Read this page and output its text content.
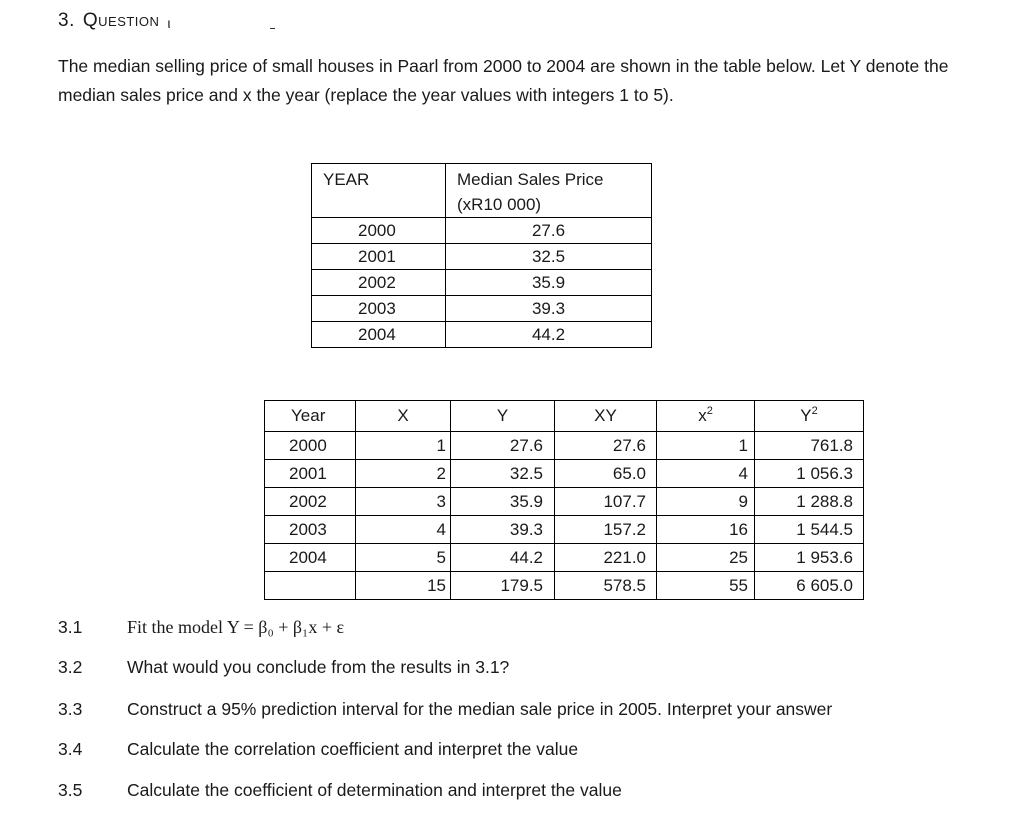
3. Question ι
The median selling price of small houses in Paarl from 2000 to 2004 are shown in the table below. Let Y denote the median sales price and x the year (replace the year values with integers 1 to 5).
YEAR	Median Sales Price (xR10 000)
2000	27.6
2001	32.5
2002	35.9
2003	39.3
2004	44.2
Year	X	Y	XY	$x^2$	$Y^2$
2000	1	27.6	27.6	1	761.8
2001	2	32.5	65.0	4	1 056.3
2002	3	35.9	107.7	9	1 288.8
2003	4	39.3	157.2	16	1 544.5
2004	5	44.2	221.0	25	1 953.6
	15	179.5	578.5	55	6 605.0
3.1 Fit the model Y = β₀ + β₁x + ε
3.2	What would you conclude from the results in 3.1?
3.3	Construct a 95% prediction interval for the median sale price in 2005. Interpret your answer
3.4	Calculate the correlation coefficient and interpret the value
3.5	Calculate the coefficient of determination and interpret the value
